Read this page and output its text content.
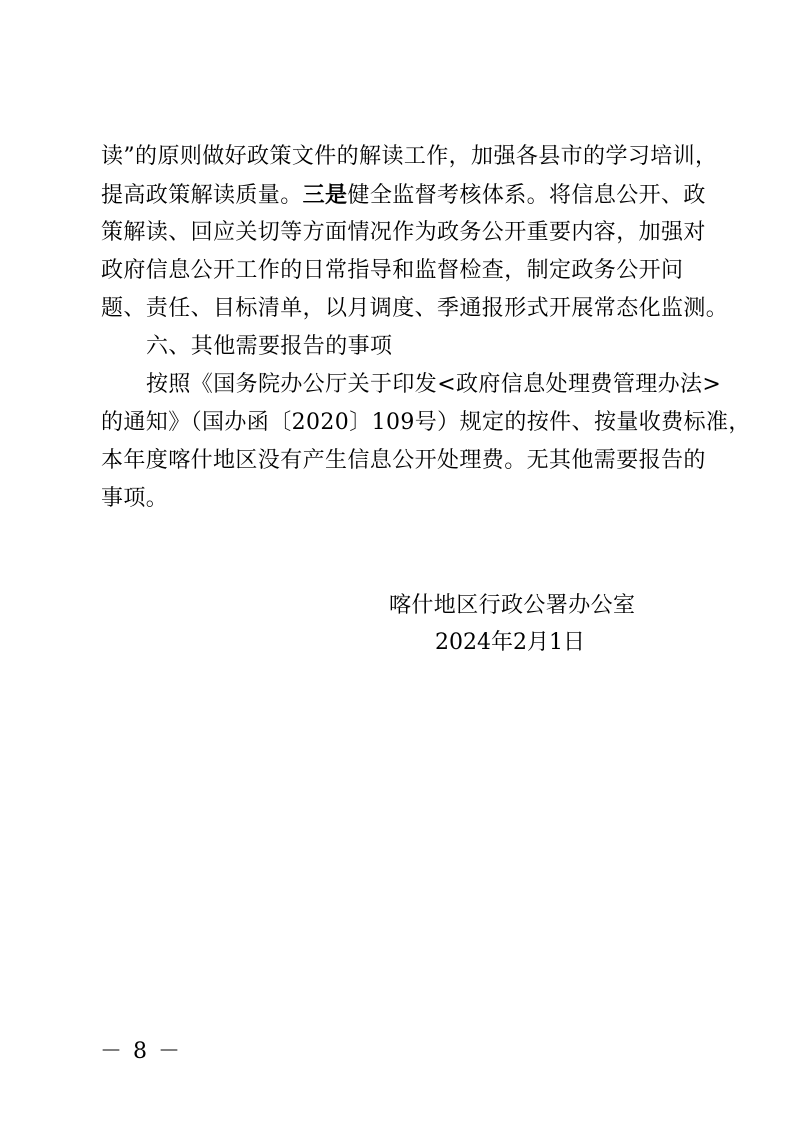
读”的原则做好政策文件的解读工作，加强各县市的学习培训，
提高政策解读质量。三是健全监督考核体系。将信息公开、政
策解读、回应关切等方面情况作为政务公开重要内容，加强对
政府信息公开工作的日常指导和监督检查，制定政务公开问
题、责任、目标清单，以月调度、季通报形式开展常态化监测。
六、其他需要报告的事项
按照《国务院办公厅关于印发<政府信息处理费管理办法>
的通知》（国办函〔2020〕109号）规定的按件、按量收费标准，
本年度喀什地区没有产生信息公开处理费。无其他需要报告的
事项。
喀什地区行政公署办公室
2024年2月1日
－ 8 －
